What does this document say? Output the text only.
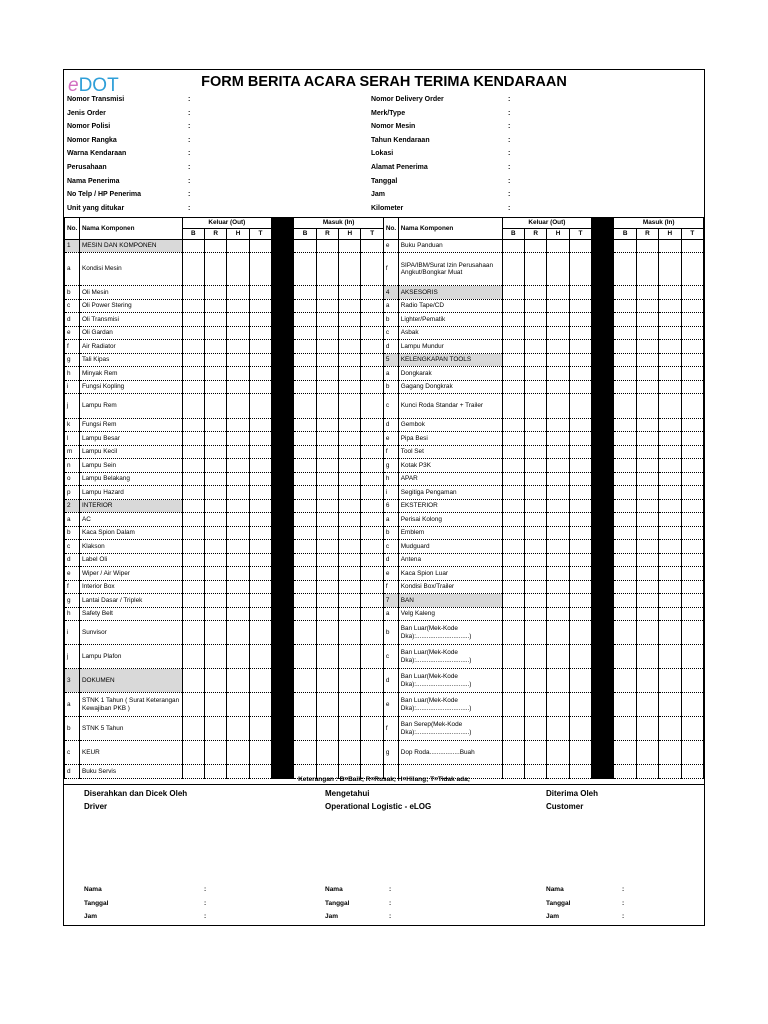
eDOT	FORM BERITA ACARA SERAH TERIMA KENDARAAN
Nomor Transmisi	:
Jenis Order	:
Nomor Polisi	:
Nomor Rangka	:
Warna Kendaraan	:
Perusahaan	:
Nama Penerima	:
No Telp / HP Penerima	:
Unit yang ditukar	:
Nomor Delivery Order	:
Merk/Type	:
Nomor Mesin	:
Tahun Kendaraan	:
Lokasi	:
Alamat Penerima	:
Tanggal	:
Jam	:
Kilometer	:
No.	Nama Komponen	Keluar (Out)					Masuk (In)				No.	Nama Komponen	Keluar (Out)					Masuk (In)			
		B	R	H	T		B	R	H	T			B	R	H	T		B	R	H	T
1	MESIN DAN KOMPONEN										e	Buku Panduan									
a	Kondisi Mesin										f	SIPA/IBM/Surat Izin Perusahaan Angkut/Bongkar Muat									
b	Oli Mesin										4	AKSESORIS									
c	Oli Power Stering										a	Radio Tape/CD									
d	Oli Transmisi										b	Lighter/Pematik									
e	Oli Gardan										c	Asbak									
f	Air Radiator										d	Lampu Mundur									
g	Tali Kipas										5	KELENGKAPAN TOOLS									
h	Minyak Rem										a	Dongkarak									
i	Fungsi Kopling										b	Gagang Dongkrak									
j	Lampu Rem										c	Kunci Roda Standar + Trailer									
k	Fungsi Rem										d	Gembok									
l	Lampu Besar										e	Pipa Besi									
m	Lampu Kecil										f	Tool Set									
n	Lampu Sein										g	Kotak P3K									
o	Lampu Belakang										h	APAR									
p	Lampu Hazard										i	Segitiga Pengaman									
2	INTERIOR										6	EKSTERIOR									
a	AC										a	Perisai Kolong									
b	Kaca Spion Dalam										b	Emblem									
c	Klakson										c	Mudguard									
d	Label Oli										d	Antena									
e	Wiper / Air Wiper										e	Kaca Spion Luar									
f	Interior Box										f	Kondisi Box/Trailer									
g	Lantai Dasar / Triplek										7	BAN									
h	Safety Belt										a	Velg Kaleng									
i	Sunvisor										b	Ban Luar(Mek-Kode Dka):..............................)									
j	Lampu Plafon										c	Ban Luar(Mek-Kode Dka):..............................)									
3	DOKUMEN										d	Ban Luar(Mek-Kode Dka):..............................)									
a	STNK 1 Tahun ( Surat Keterangan Kewajiban PKB )										e	Ban Luar(Mek-Kode Dka):..............................)									
b	STNK 5 Tahun										f	Ban Serep(Mek-Kode Dka):..............................)									
c	KEUR										g	Dop Roda.................Buah									
d	Buku Servis																				
Keterangan : B=Baik; R=Rusak; H=Hilang; T=Tidak ada;
Diserahkan dan Dicek Oleh
Driver
Nama	:
Tanggal	:
Jam	:
Mengetahui
Operational Logistic - eLOG
Nama	:
Tanggal	:
Jam	:
Diterima Oleh
Customer
Nama	:
Tanggal	:
Jam	:
